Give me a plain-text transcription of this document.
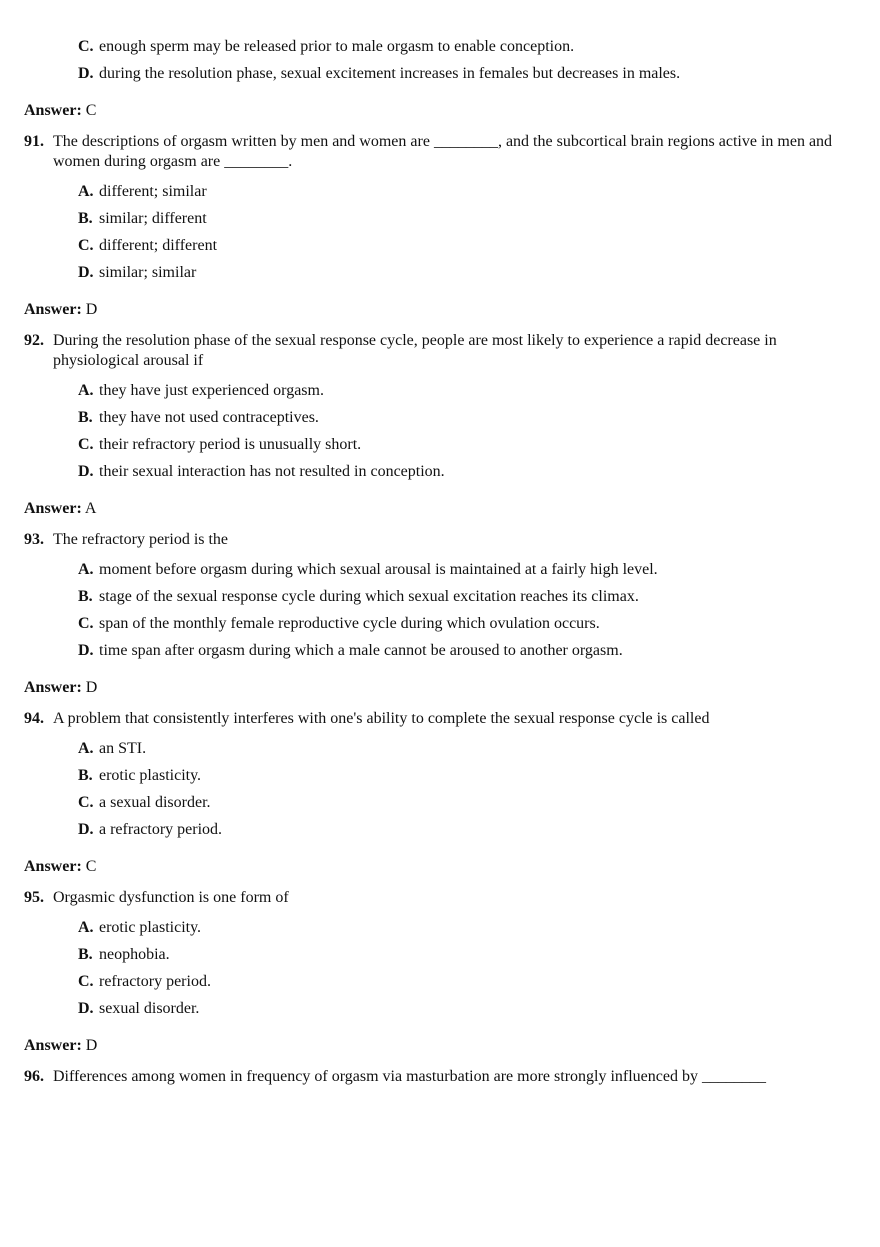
C. enough sperm may be released prior to male orgasm to enable conception.
D. during the resolution phase, sexual excitement increases in females but decreases in males.
Answer: C
91. The descriptions of orgasm written by men and women are ________, and the subcortical brain regions active in men and women during orgasm are ________.
A. different; similar
B. similar; different
C. different; different
D. similar; similar
Answer: D
92. During the resolution phase of the sexual response cycle, people are most likely to experience a rapid decrease in physiological arousal if
A. they have just experienced orgasm.
B. they have not used contraceptives.
C. their refractory period is unusually short.
D. their sexual interaction has not resulted in conception.
Answer: A
93. The refractory period is the
A. moment before orgasm during which sexual arousal is maintained at a fairly high level.
B. stage of the sexual response cycle during which sexual excitation reaches its climax.
C. span of the monthly female reproductive cycle during which ovulation occurs.
D. time span after orgasm during which a male cannot be aroused to another orgasm.
Answer: D
94. A problem that consistently interferes with one's ability to complete the sexual response cycle is called
A. an STI.
B. erotic plasticity.
C. a sexual disorder.
D. a refractory period.
Answer: C
95. Orgasmic dysfunction is one form of
A. erotic plasticity.
B. neophobia.
C. refractory period.
D. sexual disorder.
Answer: D
96. Differences among women in frequency of orgasm via masturbation are more strongly influenced by ________
